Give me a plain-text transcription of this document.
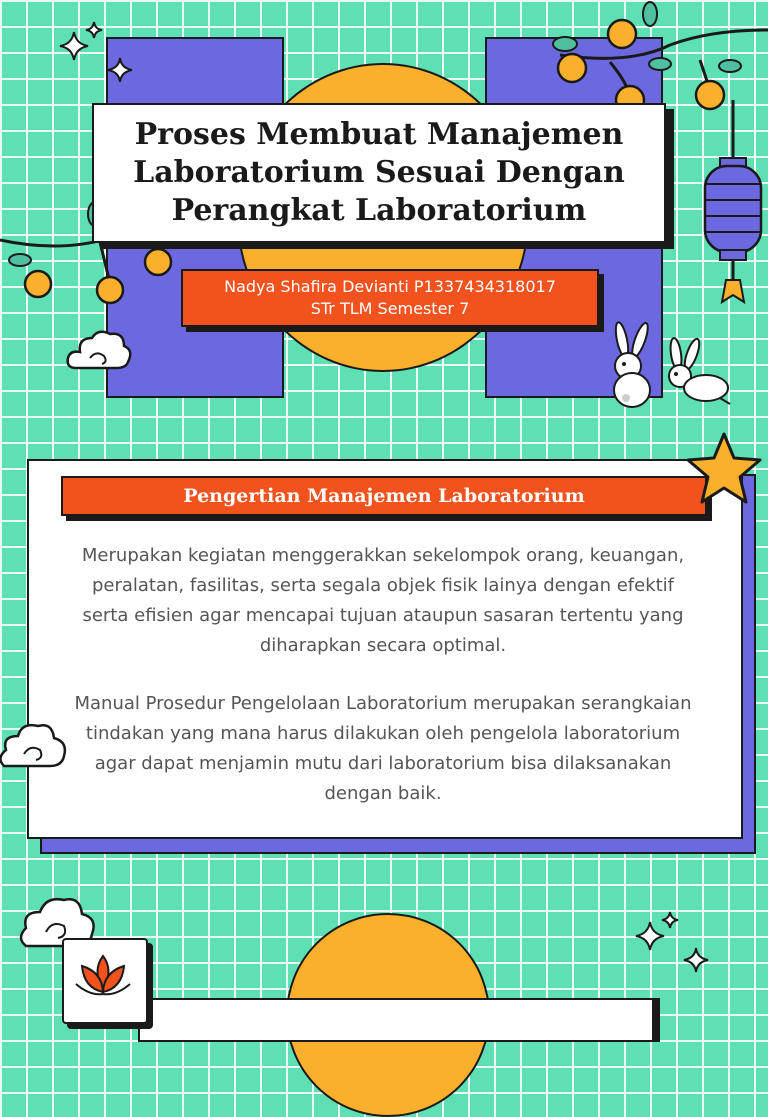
Proses Membuat Manajemen Laboratorium Sesuai Dengan Perangkat Laboratorium
Nadya Shafira Devianti P1337434318017
STr TLM Semester 7
Pengertian Manajemen Laboratorium

Merupakan kegiatan menggerakkan sekelompok orang, keuangan, peralatan, fasilitas, serta segala objek fisik lainya dengan efektif serta efisien agar mencapai tujuan ataupun sasaran tertentu yang diharapkan secara optimal.

Manual Prosedur Pengelolaan Laboratorium merupakan serangkaian tindakan yang mana harus dilakukan oleh pengelola laboratorium agar dapat menjamin mutu dari laboratorium bisa dilaksanakan dengan baik.
